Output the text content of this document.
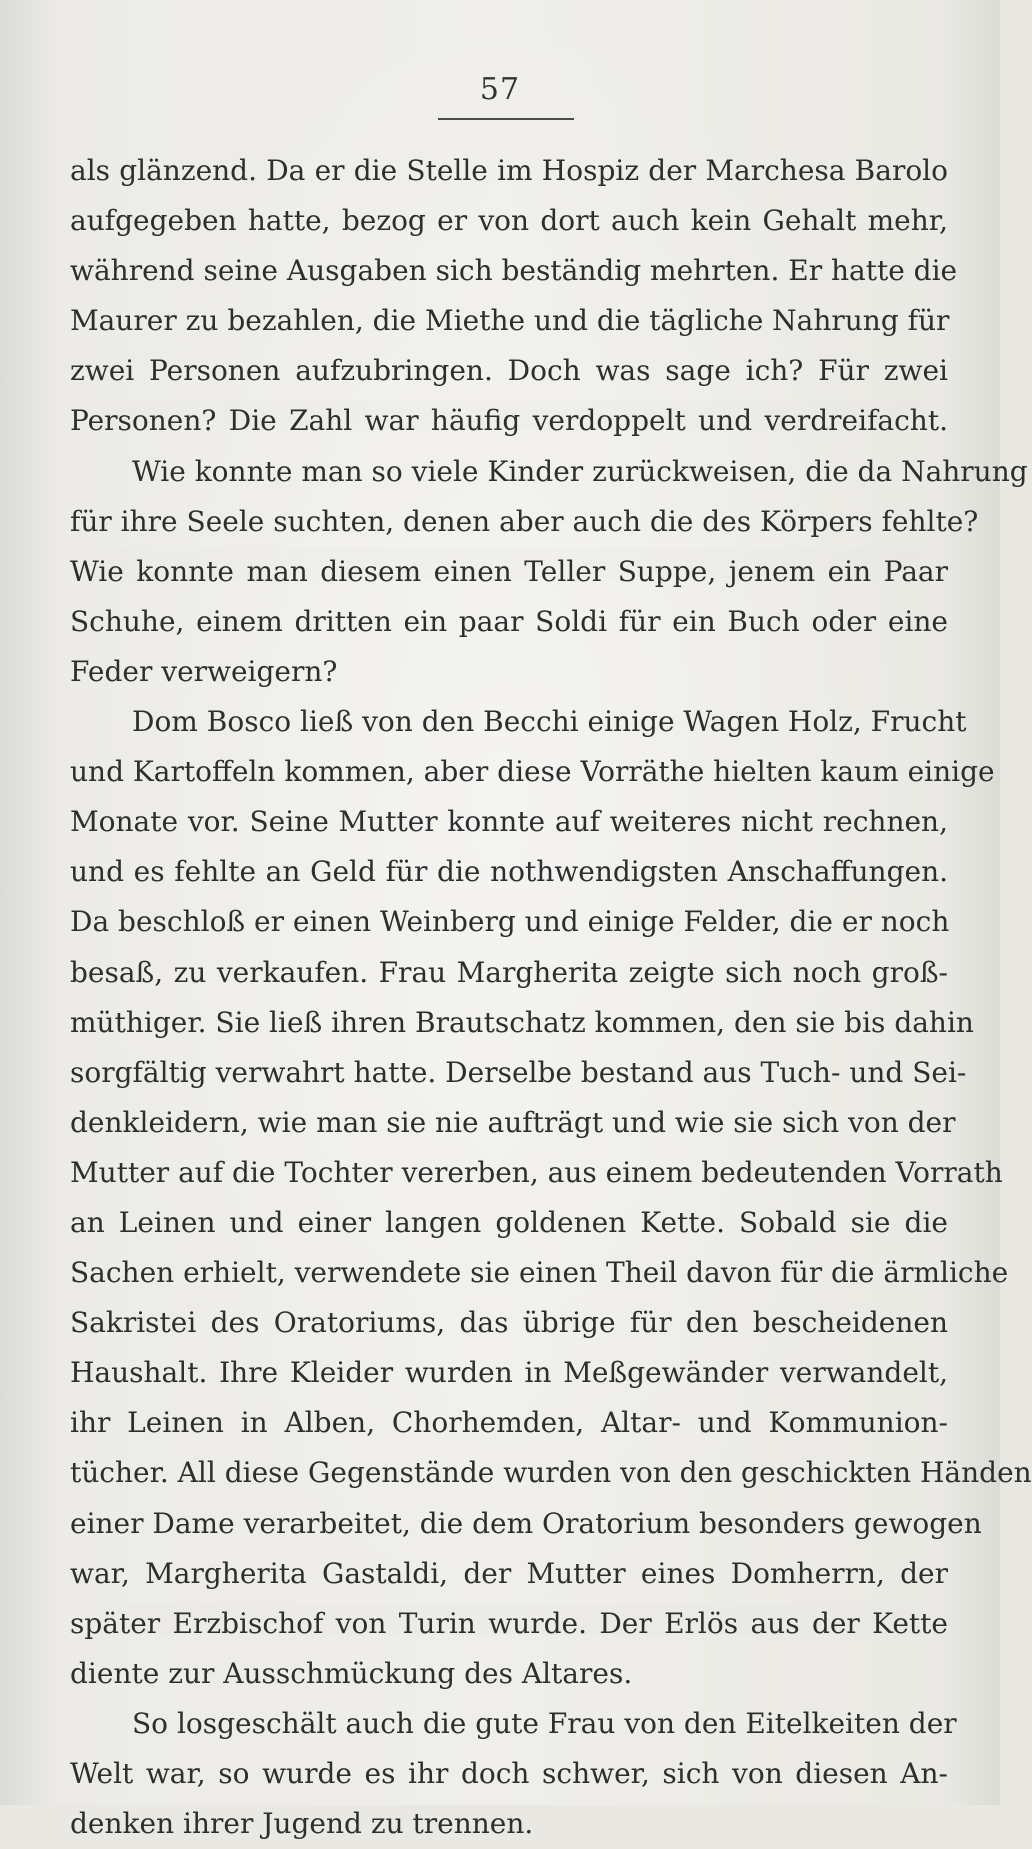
57
als glänzend. Da er die Stelle im Hospiz der Marchesa Barolo
aufgegeben hatte, bezog er von dort auch kein Gehalt mehr,
während seine Ausgaben sich beständig mehrten. Er hatte die
Maurer zu bezahlen, die Miethe und die tägliche Nahrung für
zwei Personen aufzubringen. Doch was sage ich? Für zwei
Personen? Die Zahl war häufig verdoppelt und verdreifacht.
Wie konnte man so viele Kinder zurückweisen, die da Nahrung
für ihre Seele suchten, denen aber auch die des Körpers fehlte?
Wie konnte man diesem einen Teller Suppe, jenem ein Paar
Schuhe, einem dritten ein paar Soldi für ein Buch oder eine
Feder verweigern?
Dom Bosco ließ von den Becchi einige Wagen Holz, Frucht
und Kartoffeln kommen, aber diese Vorräthe hielten kaum einige
Monate vor. Seine Mutter konnte auf weiteres nicht rechnen,
und es fehlte an Geld für die nothwendigsten Anschaffungen.
Da beschloß er einen Weinberg und einige Felder, die er noch
besaß, zu verkaufen. Frau Margherita zeigte sich noch groß-
müthiger. Sie ließ ihren Brautschatz kommen, den sie bis dahin
sorgfältig verwahrt hatte. Derselbe bestand aus Tuch- und Sei-
denkleidern, wie man sie nie aufträgt und wie sie sich von der
Mutter auf die Tochter vererben, aus einem bedeutenden Vorrath
an Leinen und einer langen goldenen Kette. Sobald sie die
Sachen erhielt, verwendete sie einen Theil davon für die ärmliche
Sakristei des Oratoriums, das übrige für den bescheidenen
Haushalt. Ihre Kleider wurden in Meßgewänder verwandelt,
ihr Leinen in Alben, Chorhemden, Altar- und Kommunion-
tücher. All diese Gegenstände wurden von den geschickten Händen
einer Dame verarbeitet, die dem Oratorium besonders gewogen
war, Margherita Gastaldi, der Mutter eines Domherrn, der
später Erzbischof von Turin wurde. Der Erlös aus der Kette
diente zur Ausschmückung des Altares.
So losgeschält auch die gute Frau von den Eitelkeiten der
Welt war, so wurde es ihr doch schwer, sich von diesen An-
denken ihrer Jugend zu trennen.
